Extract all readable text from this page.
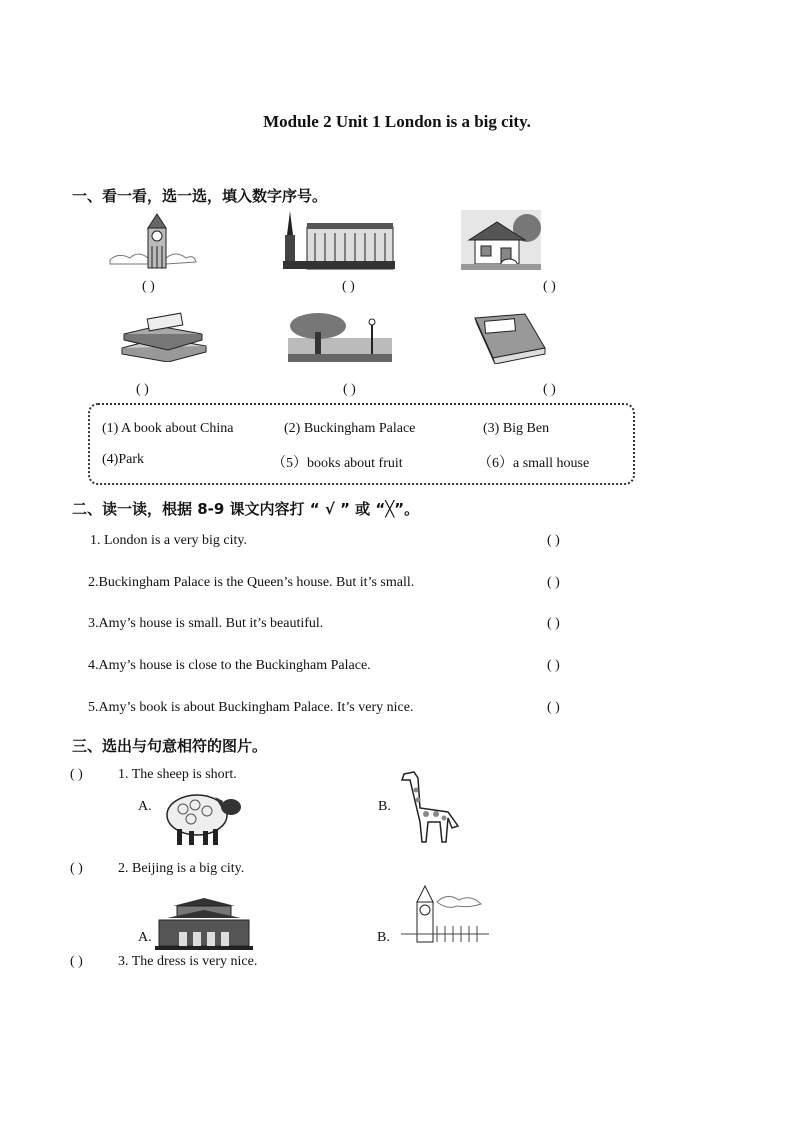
Module 2 Unit 1 London is a big city.
一、看一看，选一选，填入数字序号。
( )	( )	( )
( )	( )	( )
(1) A book about China	(2) Buckingham Palace	(3) Big Ben
(4)Park	（5）books about fruit	（6）a small house
二、读一读，根据 8-9 课文内容打 “ √ ” 或 “╳”。
1. London is a very big city.	( )
2.Buckingham Palace is the Queen’s house. But it’s small.	( )
3.Amy’s house is small. But it’s beautiful.	( )
4.Amy’s house is close to the Buckingham Palace.	( )
5.Amy’s book is about Buckingham Palace. It’s very nice.	( )
三、选出与句意相符的图片。
( )	1. The sheep is short.
A.	B.
( )	2. Beijing is a big city.
A.	B.
( )	3. The dress is very nice.
